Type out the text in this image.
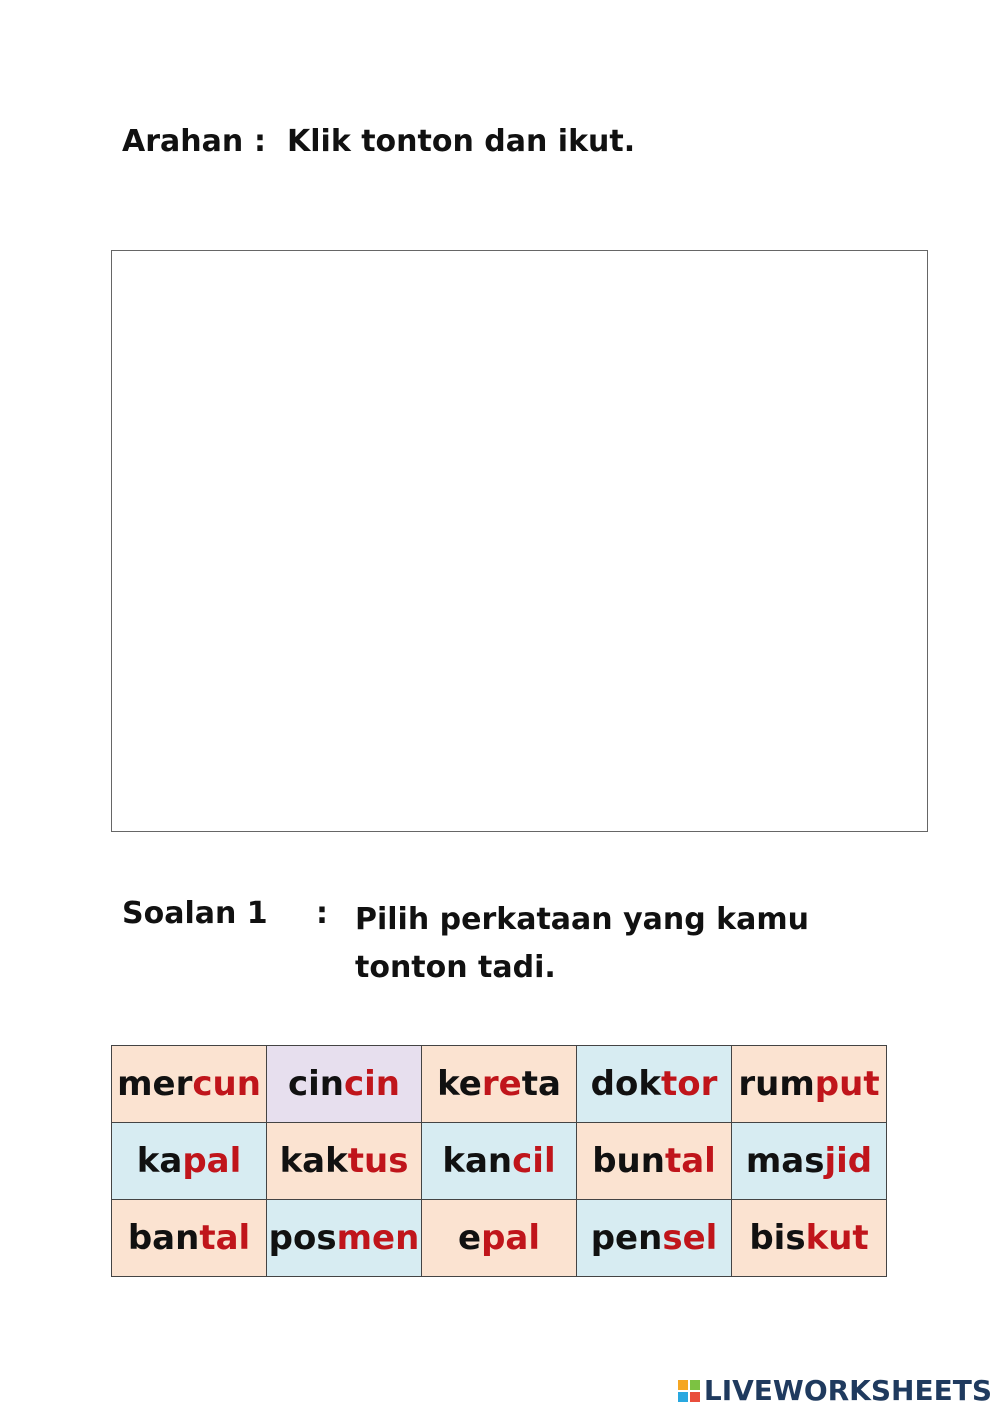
Arahan : Klik tonton dan ikut.
Soalan 1 : Pilih perkataan yang kamu tonton tadi.
mercun	cincin	kereta	doktor	rumput
kapal	kaktus	kancil	buntal	masjid
bantal	posmen	epal	pensel	biskut
LIVEWORKSHEETS
